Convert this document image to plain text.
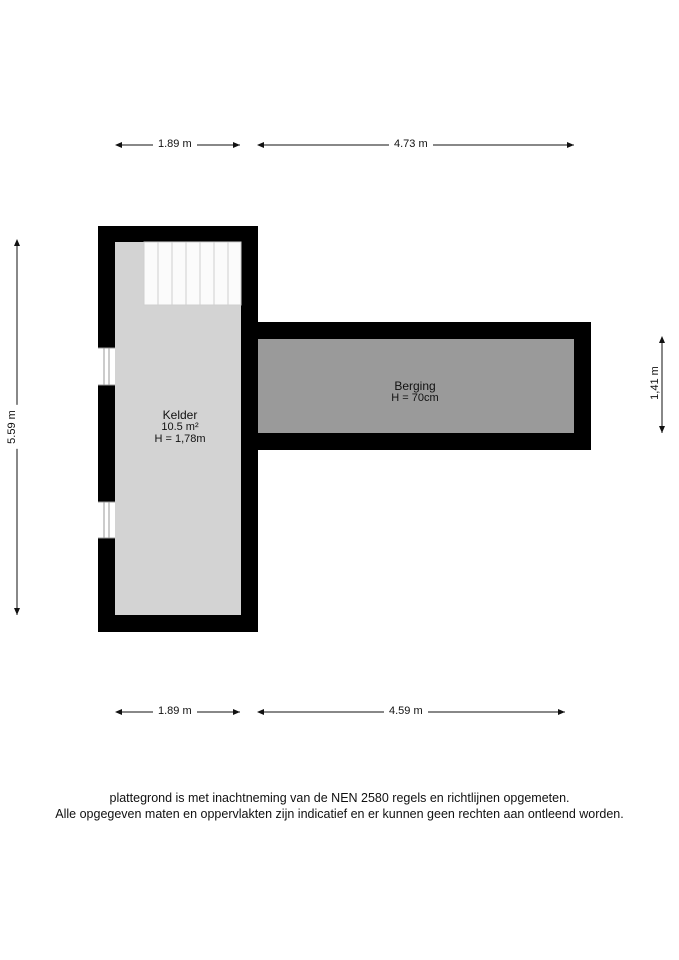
1.89 m	4.73 m
1.89 m	4.59 m
5.59 m
1,41 m
Kelder
10.5 m²
H = 1,78m
Berging
H = 70cm
plattegrond is met inachtneming van de NEN 2580 regels en richtlijnen opgemeten.
Alle opgegeven maten en oppervlakten zijn indicatief en er kunnen geen rechten aan ontleend worden.
